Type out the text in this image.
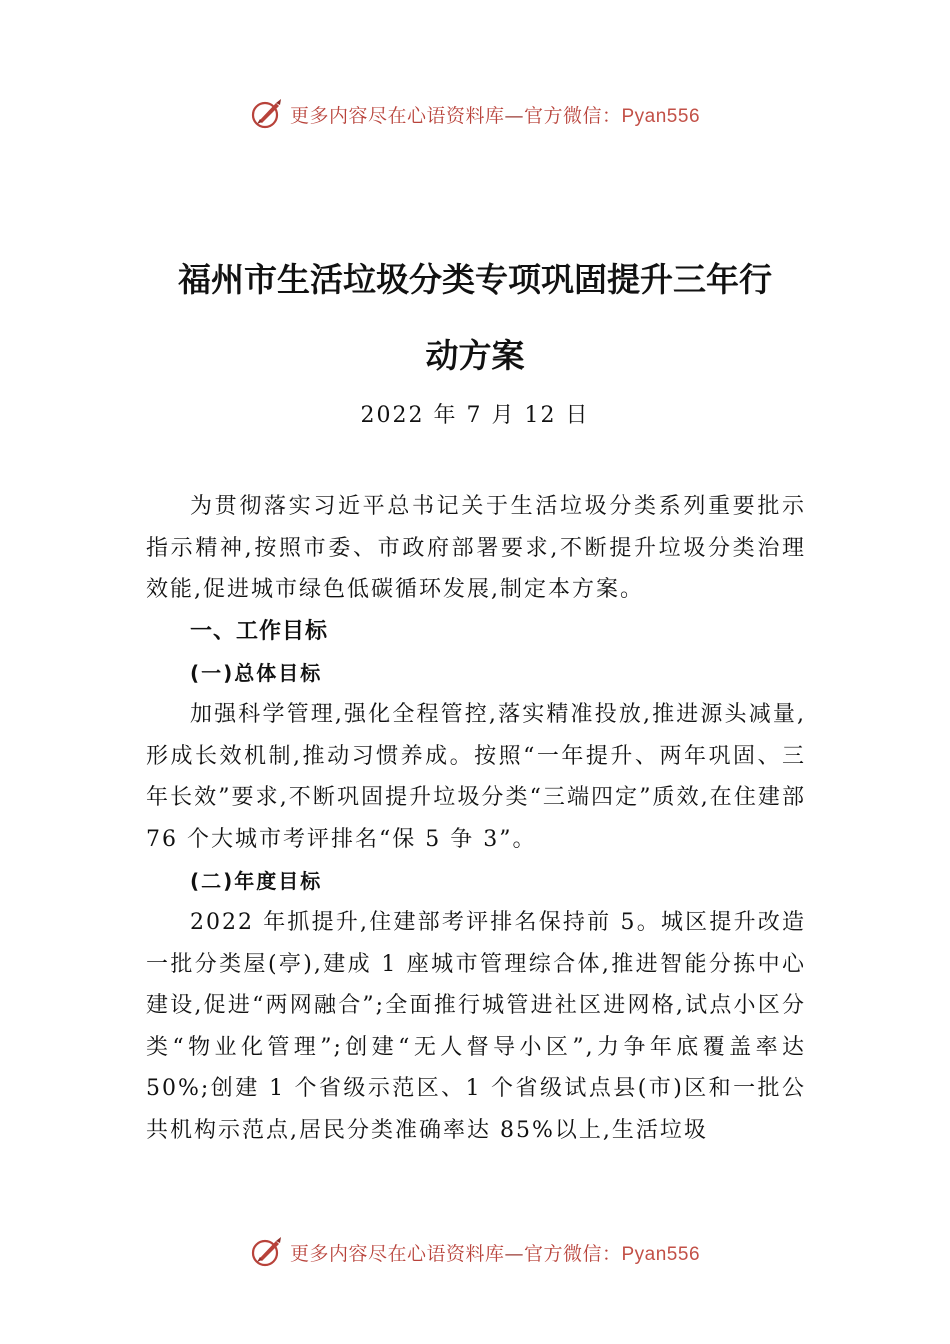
更多内容尽在心语资料库—官方微信：Pyan556
福州市生活垃圾分类专项巩固提升三年行
动方案
2022 年 7 月 12 日

为贯彻落实习近平总书记关于生活垃圾分类系列重要批示指示精神,按照市委、市政府部署要求,不断提升垃圾分类治理效能,促进城市绿色低碳循环发展,制定本方案。

一、工作目标
(一)总体目标

加强科学管理,强化全程管控,落实精准投放,推进源头减量,形成长效机制,推动习惯养成。按照“一年提升、两年巩固、三年长效”要求,不断巩固提升垃圾分类“三端四定”质效,在住建部 76 个大城市考评排名“保 5 争 3”。

(二)年度目标

2022 年抓提升,住建部考评排名保持前 5。城区提升改造一批分类屋(亭),建成 1 座城市管理综合体,推进智能分拣中心建设,促进“两网融合”;全面推行城管进社区进网格,试点小区分类“物业化管理”;创建“无人督导小区”,力争年底覆盖率达 50%;创建 1 个省级示范区、1 个省级试点县(市)区和一批公共机构示范点,居民分类准确率达 85%以上,生活垃圾

更多内容尽在心语资料库—官方微信：Pyan556
